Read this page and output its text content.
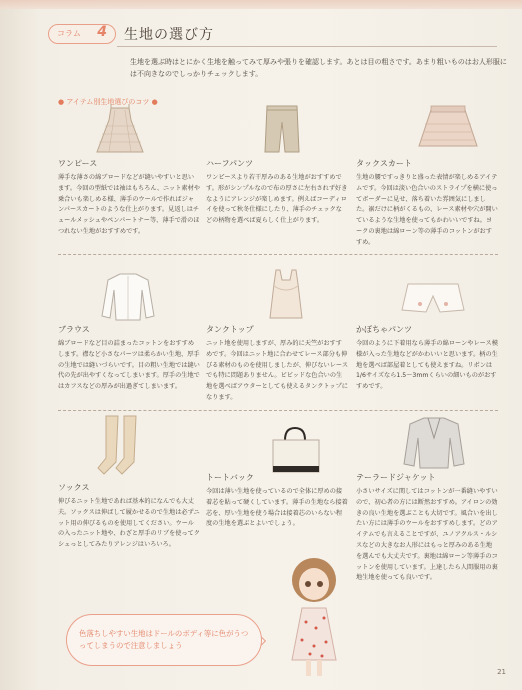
コラム 4 生地の選び方
生地を選ぶ時はとにかく生地を触ってみて厚みや張りを確認します。あとは目の粗さです。あまり粗いものはお人形服には不向きなのでしっかりチェックします。
● アイテム別生地選びのコツ ●
ワンピース
薄手な薄さの綿ブロードなどが縫いやすいと思います。今回の型紙では袖はもちろん、ニット素材や乗合いも楽しめる様、薄手のウールで作ればジャンパースカートのような仕上がります。見返しはチュールメッシュやペンパートナー等、薄手で滑のほつれない生地がおすすめです。
ハーフパンツ
ワンピースより若干厚みのある生地がおすすめです。形がシンプルなので布の厚さに左右されず好きなようにアレンジが楽しめます。例えばコーディロイを使って秋冬仕様にしたり、薄手のチェックなどの柄物を選べば夏らしく仕上がります。
タックスカート
生地の腰ですっきりと盛った表情が楽しめるアイテムです。今回は淡い色合いのストライプを横に使ってボーダーに見せ、落ち着いた雰囲気にしました。裾だけに柄がくるもの、レース素材や穴が開いているような生地を使ってもかわいいですね。ヨークの裏地は綿ローン等の薄手のコットンがおすすめ。
ブラウス
綿ブロードなど目の詰まったコットンをおすすめします。襟など小さなパーツは柔らかい生地、厚手の生地では縫いづらいです。目の粗い生地では縫い代の先が出やすくなってしまいます。厚手の生地ではカフスなどの厚みが出過ぎてしまいます。
タンクトップ
ニット地を使用しますが、厚み的に天竺がおすすめです。今回はニット地に合わせてレース部分も伸びる素材のものを使用しましたが、伸びないレースでも特に問題ありません。ビビッドな色合いの生地を選べばアウターとしても使えるタンクトップになります。
かぼちゃパンツ
今回のように下着用なら薄手の綿ローンやレース模様が入った生地などがかわいいと思います。柄の生地を選べば部屋着としても使えますね。リボンは1/6サイズなら1.5〜3mmくらいの細いものがおすすめです。
ソックス
伸びるニット生地であれば基本的になんでも大丈夫。ソックスは伸ばして履かせるので生地は必ずニット用の伸びるものを使用してください。ウールの入ったニット地や、わざと厚手のリブを使ってクシュっとしてみたりアレンジはいろいろ。
トートバック
今回は薄い生地を使っているので全体に厚めの接着芯を貼って硬くしています。薄手の生地なら接着芯を、厚い生地を使う場合は接着芯のいらない程度の生地を選ぶとよいでしょう。
テーラードジャケット
小さいサイズに関してはコットンが一番縫いやすいので、初心者の方には断然おすすめ。アイロンの効きの良い生地を選ぶことも大切です。風合いを出したい方には薄手のウールをおすすめします。どのアイテムでも言えることですが、ユノアクルス・ルシスなどの大きなお人形にはもっと厚みのある生地を選んでも大丈夫です。裏地は綿ローン等薄手のコットンを使用しています。上達したら人間服用の裏地生地を使っても良いです。
色落ちしやすい生地はドールのボディ等に色がうつってしまうので注意しましょう
21
